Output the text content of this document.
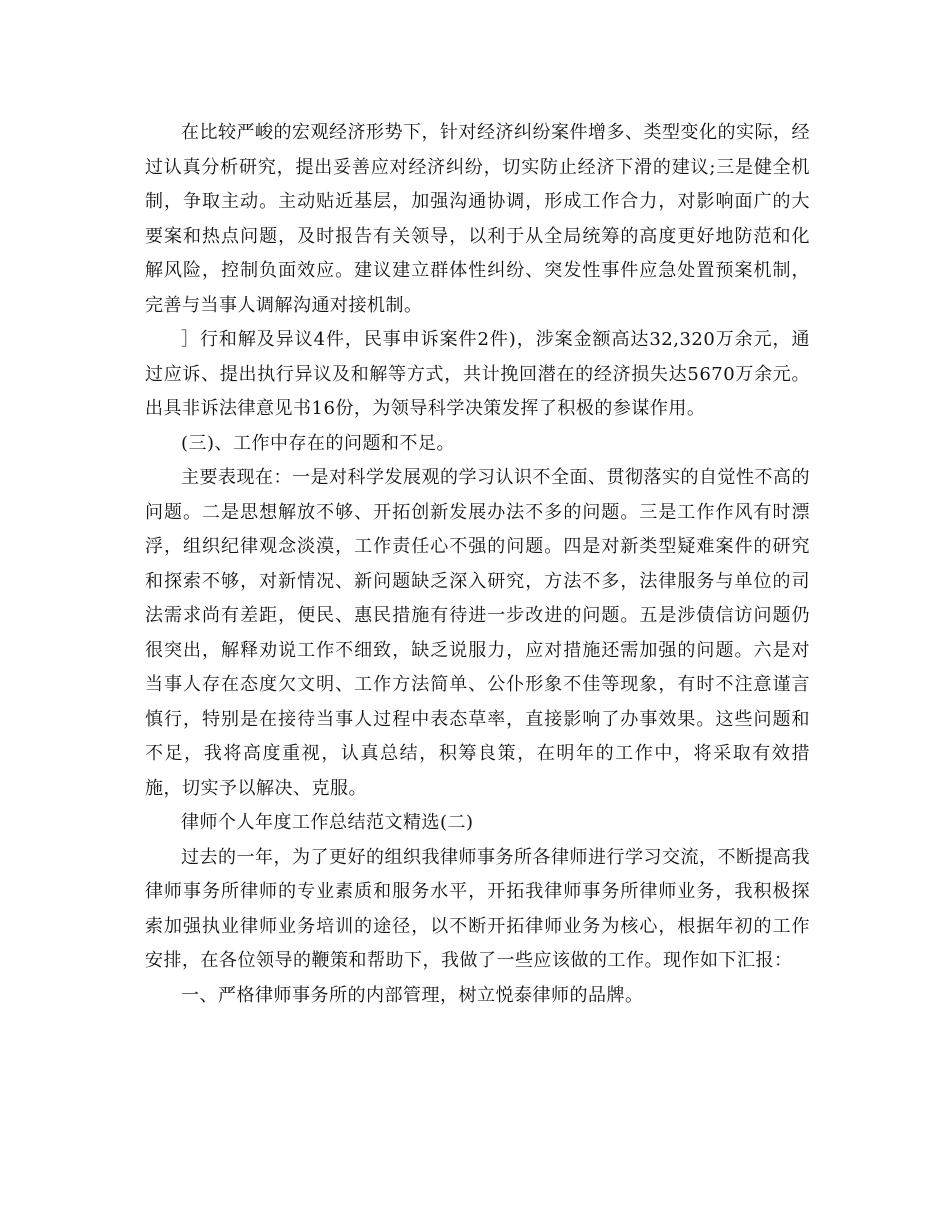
在比较严峻的宏观经济形势下，针对经济纠纷案件增多、类型变化的实际，经过认真分析研究，提出妥善应对经济纠纷，切实防止经济下滑的建议;三是健全机制，争取主动。主动贴近基层，加强沟通协调，形成工作合力，对影响面广的大要案和热点问题，及时报告有关领导，以利于从全局统筹的高度更好地防范和化解风险，控制负面效应。建议建立群体性纠纷、突发性事件应急处置预案机制，完善与当事人调解沟通对接机制。

］行和解及异议4件，民事申诉案件2件)，涉案金额高达32,320万余元，通过应诉、提出执行异议及和解等方式，共计挽回潜在的经济损失达5670万余元。出具非诉法律意见书16份，为领导科学决策发挥了积极的参谋作用。

(三)、工作中存在的问题和不足。

主要表现在：一是对科学发展观的学习认识不全面、贯彻落实的自觉性不高的问题。二是思想解放不够、开拓创新发展办法不多的问题。三是工作作风有时漂浮，组织纪律观念淡漠，工作责任心不强的问题。四是对新类型疑难案件的研究和探索不够，对新情况、新问题缺乏深入研究，方法不多，法律服务与单位的司法需求尚有差距，便民、惠民措施有待进一步改进的问题。五是涉债信访问题仍很突出，解释劝说工作不细致，缺乏说服力，应对措施还需加强的问题。六是对当事人存在态度欠文明、工作方法简单、公仆形象不佳等现象，有时不注意谨言慎行，特别是在接待当事人过程中表态草率，直接影响了办事效果。这些问题和不足，我将高度重视，认真总结，积筹良策，在明年的工作中，将采取有效措施，切实予以解决、克服。

律师个人年度工作总结范文精选(二)

过去的一年，为了更好的组织我律师事务所各律师进行学习交流，不断提高我律师事务所律师的专业素质和服务水平，开拓我律师事务所律师业务，我积极探索加强执业律师业务培训的途径，以不断开拓律师业务为核心，根据年初的工作安排，在各位领导的鞭策和帮助下，我做了一些应该做的工作。现作如下汇报：

一、严格律师事务所的内部管理，树立悦泰律师的品牌。
